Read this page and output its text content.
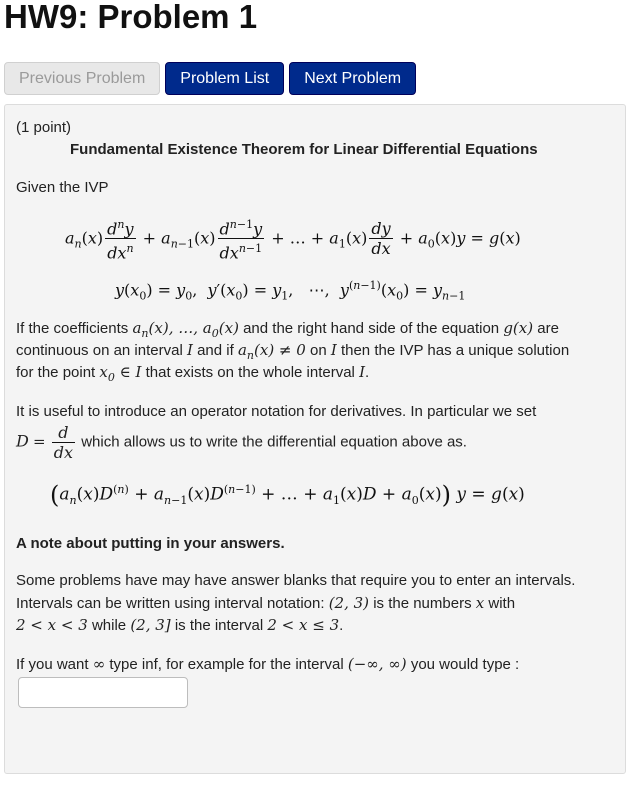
HW9: Problem 1
Previous Problem	Problem List	Next Problem
(1 point)
Fundamental Existence Theorem for Linear Differential Equations
Given the IVP
$a_n(x) \frac{d^ny}{dx^n} + a_{n-1}(x) \frac{d^{n-1}y}{dx^{n-1}}$ + … + $a_1(x) \frac{dy}{dx} + a_0(x)y = g(x)$
$y(x_0) = y_0$,  $y'(x_0) = y_1$,   ⋯,  $y^{(n-1)}(x_0) = y_{n-1}$
If the coefficients $a_n(x)$, …, $a_0(x)$ and the right hand side of the equation g(x) are
continuous on an interval I and if $a_n(x) \ne 0$ on I then the IVP has a unique solution
for the point $x_0$ ∈ I that exists on the whole interval I.
It is useful to introduce an operator notation for derivatives. In particular we set
$D = \frac{d}{dx}$ which allows us to write the differential equation above as.
($a_n(x)D^{(n)} + a_{n-1}(x)D^{(n-1)}$ + … + $a_1(x)D + a_0(x)$) y = g(x)
A note about putting in your answers.
Some problems have may have answer blanks that require you to enter an intervals.
Intervals can be written using interval notation: (2, 3) is the numbers x with
2 < x < 3 while (2, 3] is the interval 2 < x ≤ 3.
If you want ∞ type inf, for example for the interval (−∞, ∞) you would type :
